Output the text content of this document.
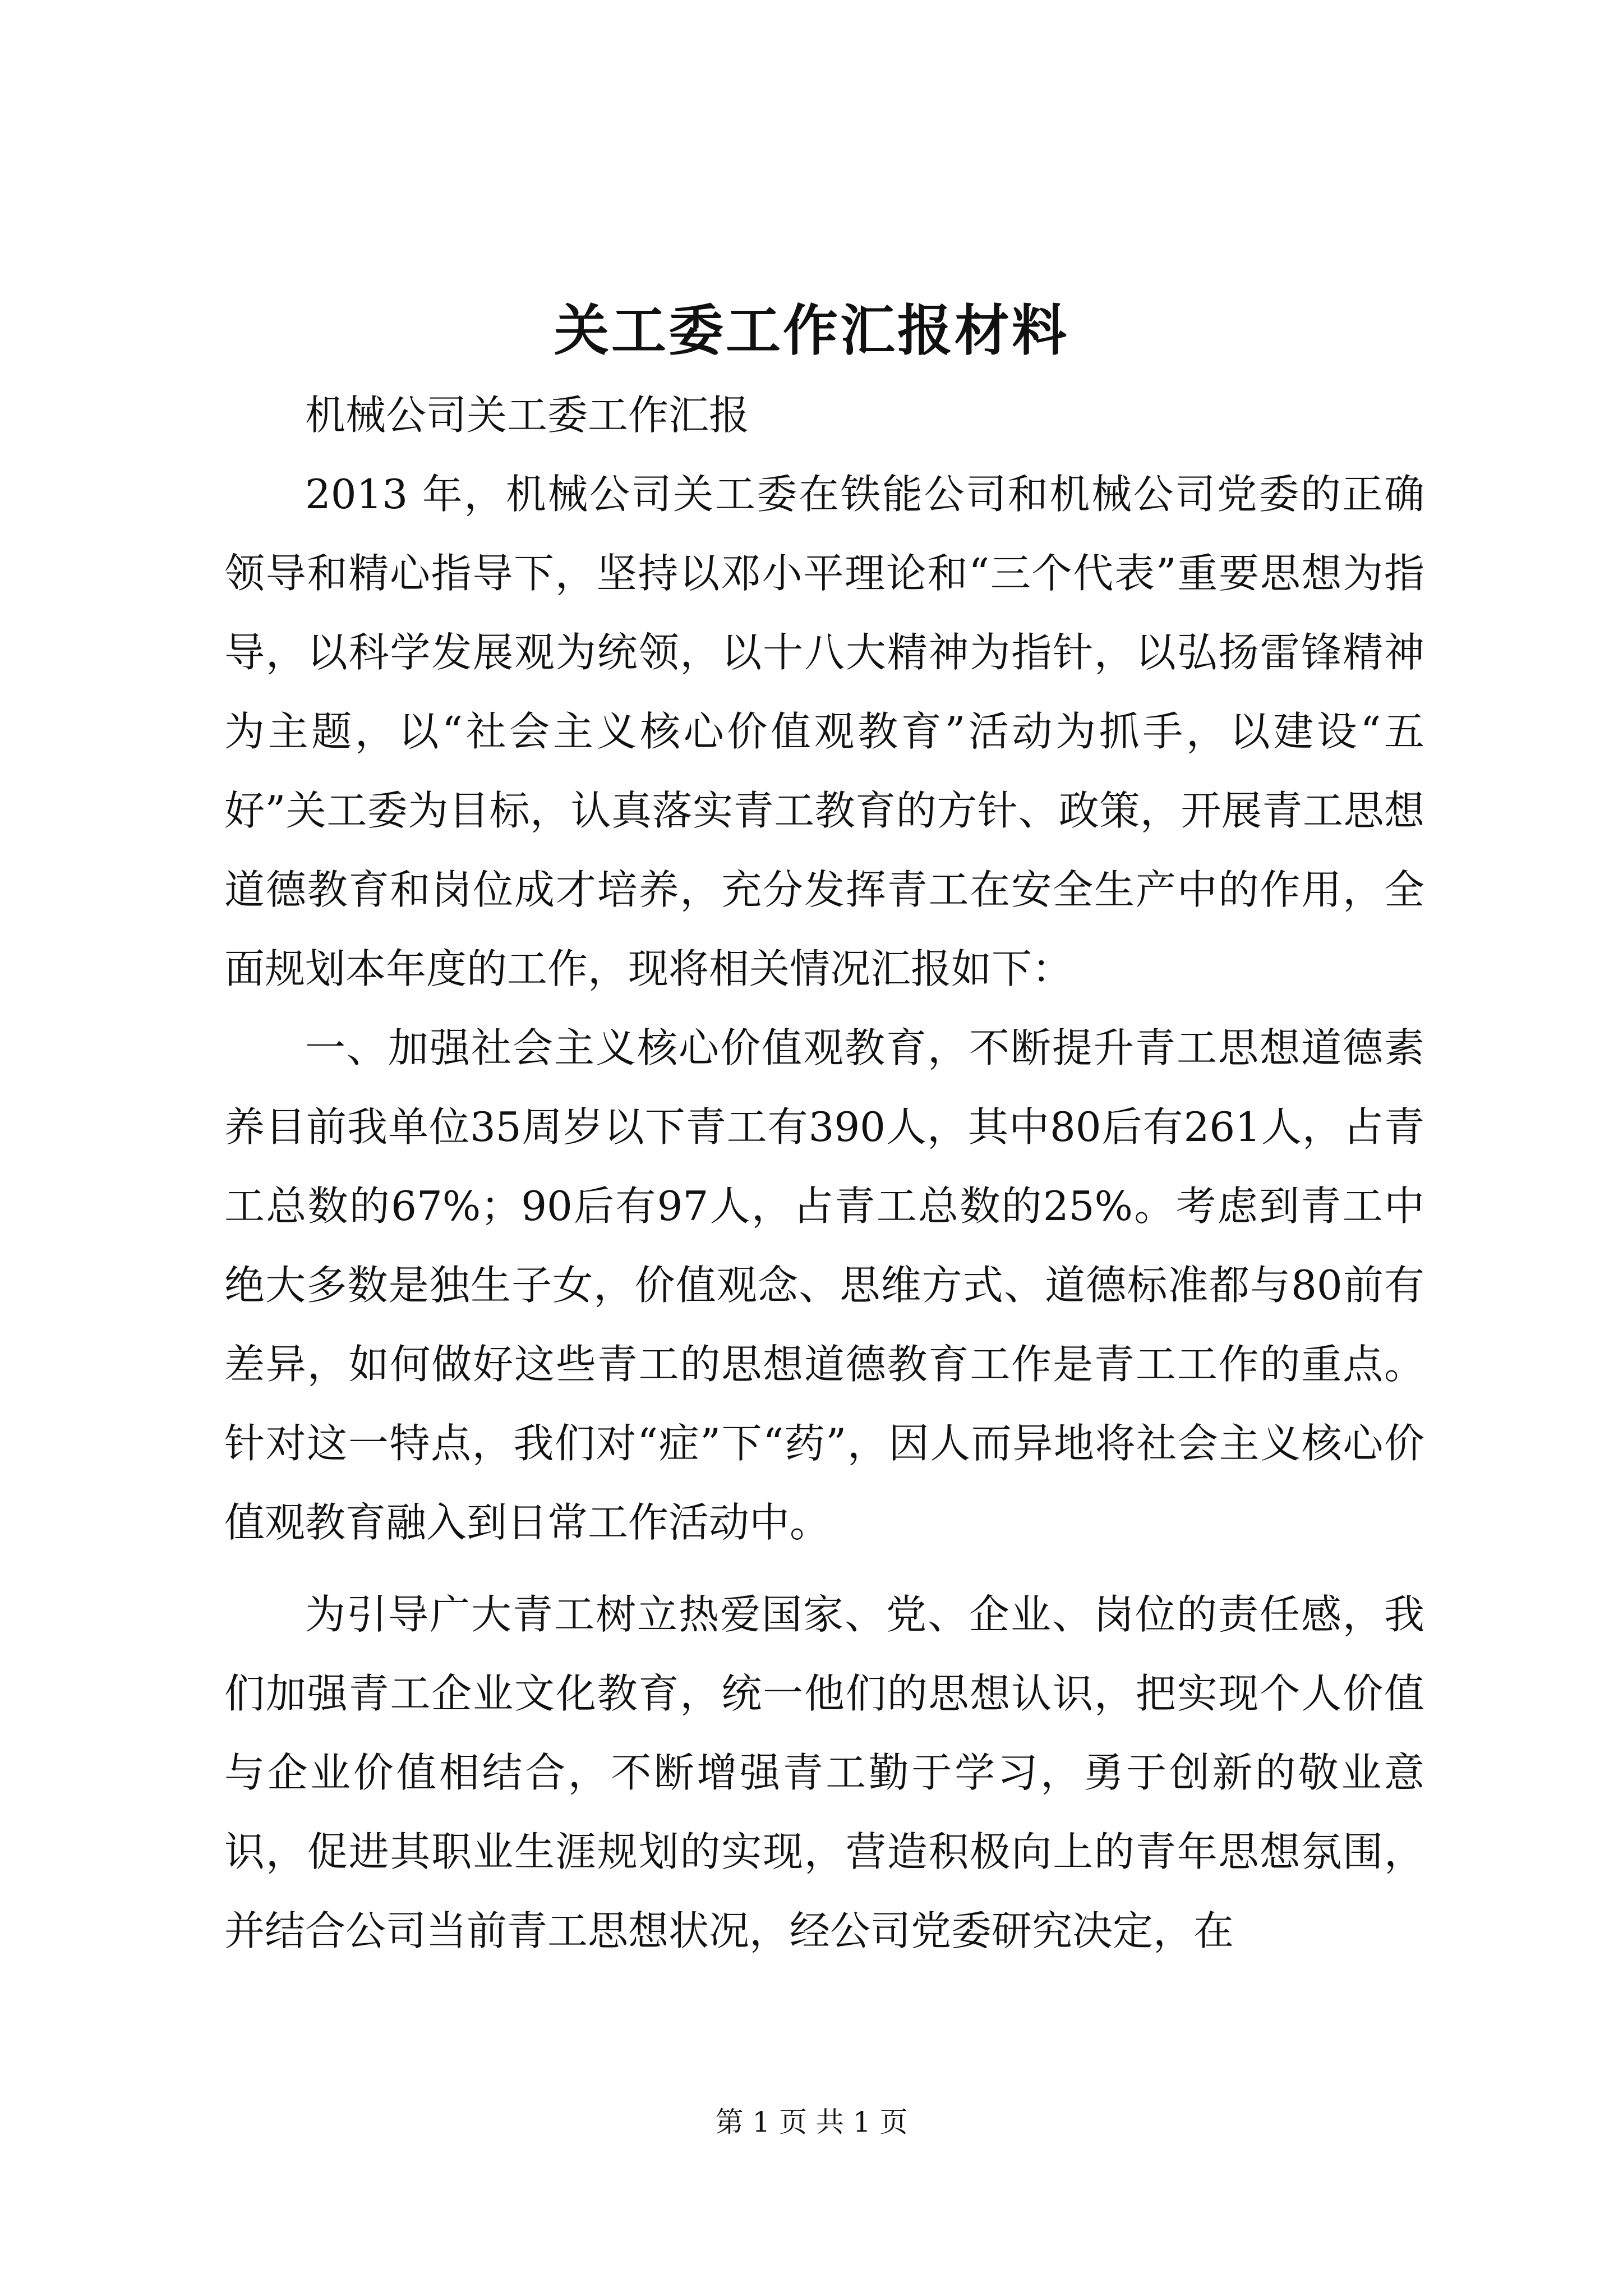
关工委工作汇报材料

机械公司关工委工作汇报

2013 年，机械公司关工委在铁能公司和机械公司党委的正确领导和精心指导下，坚持以邓小平理论和“三个代表”重要思想为指导，以科学发展观为统领，以十八大精神为指针，以弘扬雷锋精神为主题，以“社会主义核心价值观教育”活动为抓手，以建设“五好”关工委为目标，认真落实青工教育的方针、政策，开展青工思想道德教育和岗位成才培养，充分发挥青工在安全生产中的作用，全面规划本年度的工作，现将相关情况汇报如下：

一、加强社会主义核心价值观教育，不断提升青工思想道德素养目前我单位35周岁以下青工有390人，其中80后有261人，占青工总数的67%；90后有97人，占青工总数的25%。考虑到青工中绝大多数是独生子女，价值观念、思维方式、道德标准都与80前有差异，如何做好这些青工的思想道德教育工作是青工工作的重点。针对这一特点，我们对“症”下“药”，因人而异地将社会主义核心价值观教育融入到日常工作活动中。

为引导广大青工树立热爱国家、党、企业、岗位的责任感，我们加强青工企业文化教育，统一他们的思想认识，把实现个人价值与企业价值相结合，不断增强青工勤于学习，勇于创新的敬业意识，促进其职业生涯规划的实现，营造积极向上的青年思想氛围，并结合公司当前青工思想状况，经公司党委研究决定，在

第 1 页 共 1 页
